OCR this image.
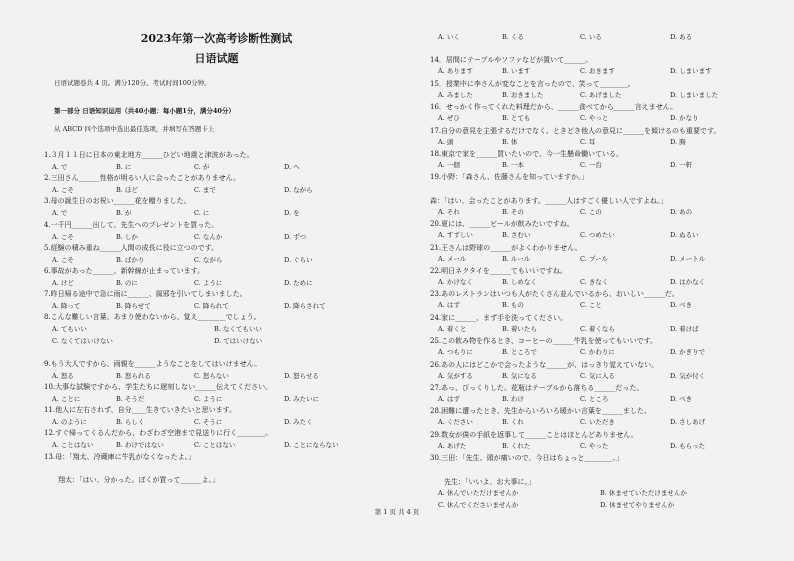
2023年第一次高考诊断性测试
日语试题
日语试题卷共 4 页。满分120分。考试时间100分钟。
第一部分 日语知识运用（共40小题：每小题1分，满分40分）
从 ABCD 四个选项中选出最佳选项，并填写在答题卡上
1.３月１１日に日本の東北地方______ひどい地震と津波があった。
A. で	B. に	C. が	D. へ
2.三田さん______性格が明るい人に会ったことがありません。
A. こそ	B. ほど	C. まで	D. ながら
3.母の誕生日のお祝い______花を贈りました。
A. で	B. が	C. に	D. を
4.一千円______出して、先生へのプレゼントを買った。
A. こそ	B. しか	C. なんか	D. ずつ
5.経験の積み重ね______人間の成長に役に立つのです。
A. こそ	B. ばかり	C. ながら	D. ぐらい
6.事故があった______、新幹線が止まっています。
A. けど	B. のに	C. ように	D. ために
7.昨日帰る途中で急に雨に______、風邪を引いてしまいました。
A. 降って	B. 降らせて	C. 降られて	D. 降らされて
8.こんな難しい言葉、あまり使わないから、覚え________でしょう。
A. てもいい	B. なくてもいい
C. なくてはいけない	D. てはいけない
9.もう大人ですから、両親を______ようなことをしてはいけません。
A. 怒る	B. 怒られる	C. 怒らない	D. 怒らせる
10.大事な試験ですから、学生たちに遅刻しない______伝えてください。
A. ことに	B. そうだ	C. ように	D. みたいに
11.他人に左右されず、自分____生きていきたいと思います。
A. のように	B. らしく	C. そうに	D. みたく
12.すぐ帰ってくるんだから、わざわざ空港まで見送りに行く________。
A. ことはない	B. わけではない	C. ことはない	D. ことにならない
13.母：「翔太、冷蔵庫に牛乳がなくなったよ。」
　　翔太：「はい、分かった。ぼくが買って______よ。」
A. いく	B. くる	C. いる	D. ある
14．居間にテーブルやソファなどが置いて______。
A. あります	B. います	C. おきます	D. しまいます
15．授業中に李さんが変なことを言ったので、笑って________。
A. みました	B. おきました	C. あげました	D. しまいました
16．せっかく作ってくれた料理だから、______食べてから______言えません。
A. ぜひ	B. とても	C. やっと	D. かなり
17.自分の意見を主張するだけでなく、ときどき他人の意見に______を傾けるのも重要です。
A. 頭	B. 体	C. 耳	D. 胸
18.東京で家を______買いたいので、今一生懸命働いている。
A. 一個	B. 一本	C. 一台	D. 一軒
19.小野：「森さん、佐藤さんを知っていますか。」
森：「はい、会ったことがあります。______人はすごく優しい人ですよね。」
A. それ	B. その	C. この	D. あの
20.夏には、______ビールが飲みたいですね。
A. すずしい	B. さむい	C. つめたい	D. ぬるい
21.王さんは野球の______がよくわかりません。
A. メール	B. ルール	C. プール	D. メートル
22.明日ネクタイを______てもいいですね。
A. かけなく	B. しめなく	C. きなく	D. はかなく
23.あのレストランはいつも人がたくさん並んでいるから、おいしい______だ。
A. はず	B. もの	C. こと	D. べき
24.家に______、まず手を洗ってください。
A. 着くと	B. 着いたら	C. 着くなら	D. 着けば
25.この飲み物を作るとき、コーヒーの______牛乳を使ってもいいです。
A. つもりに	B. ところで	C. かわりに	D. かぎりで
26.あの人にはどこかで会ったような______が、はっきり覚えていない。
A. 気がする	B. 気になる	C. 気に入る	D. 気が付く
27.あっ、びっくりした。花瓶はテーブルから落ちる______だった。
A. はず	B. わけ	C. ところ	D. べき
28.困難に遭ったとき、先生からいろいろ暖かい言葉を______ました。
A. ください	B. くれ	C. いただき	D. さしあげ
29.数女が僕の手紙を返事して______ことはほとんどありません。
A. あげた	B. くれた	C. やった	D. もらった
30.三田：「先生、頭が痛いので、今日はちょっと________。」
　　先生：「いいよ、お大事に。」
A. 休んでいただけませんか	B. 休ませていただけませんか
C. 休んでくださいませんか	D. 休ませてやりませんか
第 1 页 共 4 页
